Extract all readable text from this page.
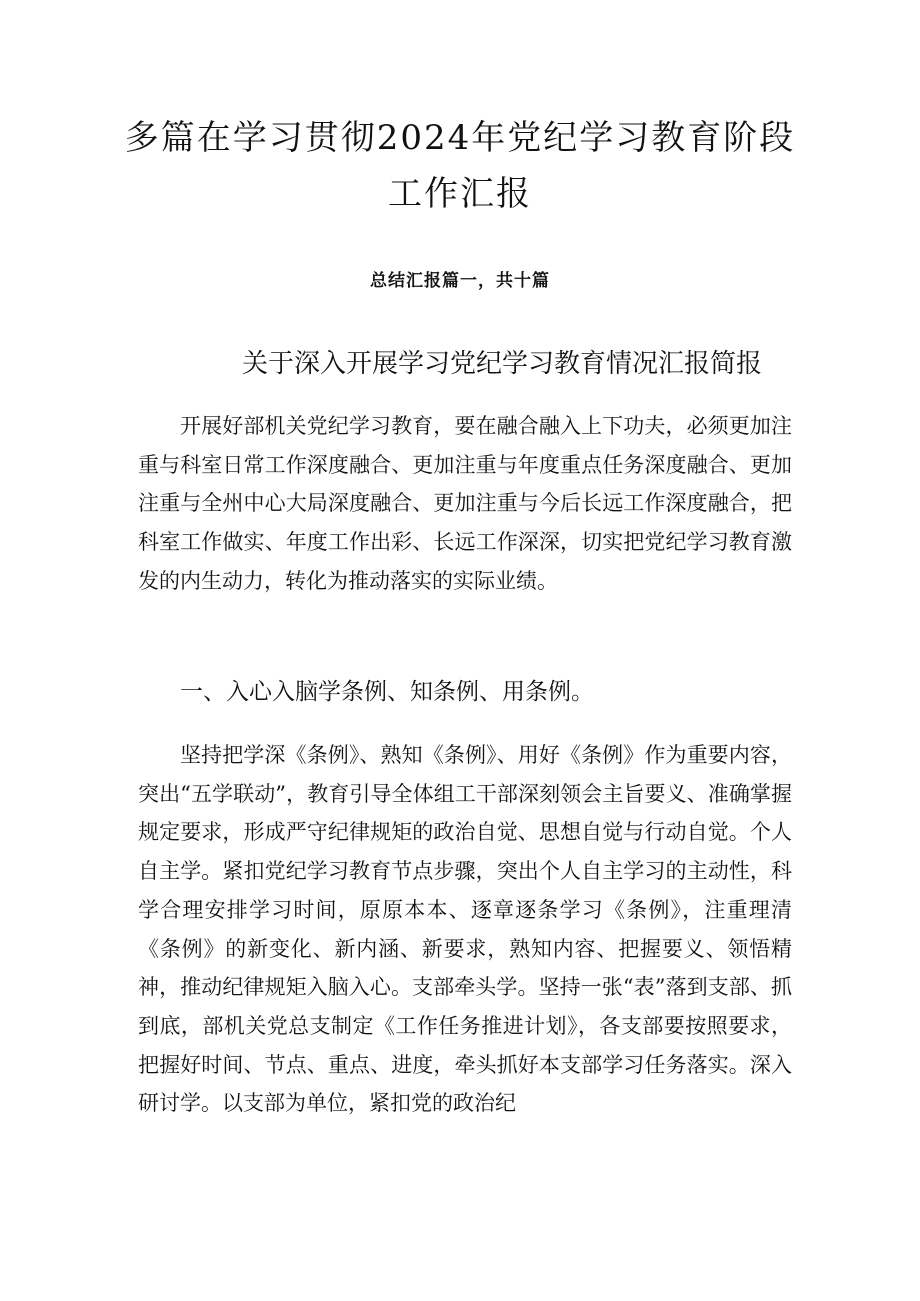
多篇在学习贯彻2024年党纪学习教育阶段
工作汇报
总结汇报篇一，共十篇
关于深入开展学习党纪学习教育情况汇报简报
开展好部机关党纪学习教育，要在融合融入上下功夫，必须更加注重与科室日常工作深度融合、更加注重与年度重点任务深度融合、更加注重与全州中心大局深度融合、更加注重与今后长远工作深度融合，把科室工作做实、年度工作出彩、长远工作深深，切实把党纪学习教育激发的内生动力，转化为推动落实的实际业绩。
一、入心入脑学条例、知条例、用条例。
坚持把学深《条例》、熟知《条例》、用好《条例》作为重要内容，突出“五学联动”，教育引导全体组工干部深刻领会主旨要义、准确掌握规定要求，形成严守纪律规矩的政治自觉、思想自觉与行动自觉。个人自主学。紧扣党纪学习教育节点步骤，突出个人自主学习的主动性，科学合理安排学习时间，原原本本、逐章逐条学习《条例》，注重理清《条例》的新变化、新内涵、新要求，熟知内容、把握要义、领悟精神，推动纪律规矩入脑入心。支部牵头学。坚持一张“表”落到支部、抓到底，部机关党总支制定《工作任务推进计划》，各支部要按照要求，把握好时间、节点、重点、进度，牵头抓好本支部学习任务落实。深入研讨学。以支部为单位，紧扣党的政治纪
